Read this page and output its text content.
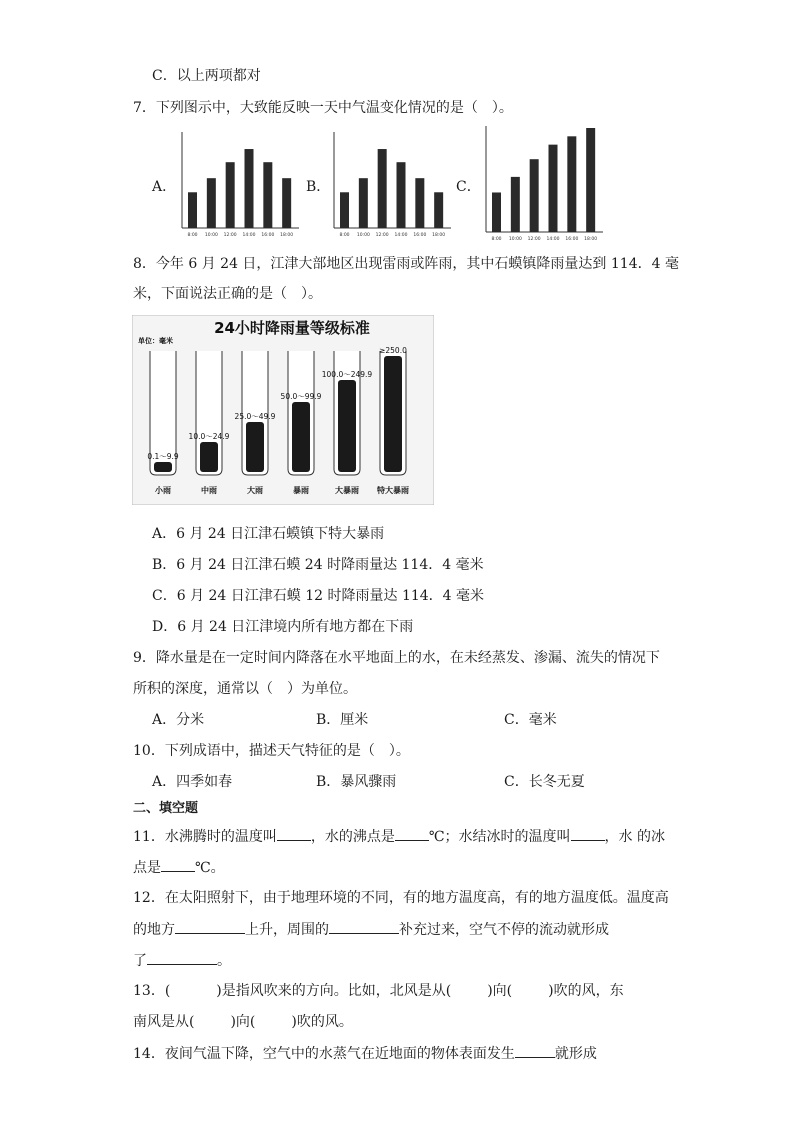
C．以上两项都对
7．下列图示中，大致能反映一天中气温变化情况的是（　）。
A．	B．	C．
8:00 10:00 12:00 14:00 16:00 18:00	8:00 10:00 12:00 14:00 16:00 18:00
8:00 10:00 12:00 14:00 16:00 18:00
8．今年 6 月 24 日，江津大部地区出现雷雨或阵雨，其中石蟆镇降雨量达到 114．4 毫
米，下面说法正确的是（　）。
24小时降雨量等级标准
单位：毫米
0.1～9.9
小雨
10.0～24.9
中雨
25.0～49.9
大雨
50.0～99.9
暴雨
100.0～249.9
大暴雨
≥250.0
特大暴雨
A．6 月 24 日江津石蟆镇下特大暴雨
B．6 月 24 日江津石蟆 24 时降雨量达 114．4 毫米
C．6 月 24 日江津石蟆 12 时降雨量达 114．4 毫米
D．6 月 24 日江津境内所有地方都在下雨
9．降水量是在一定时间内降落在水平地面上的水，在未经蒸发、渗漏、流失的情况下
所积的深度，通常以（　）为单位。
A．分米	B．厘米	C．毫米
10．下列成语中，描述天气特征的是（　）。
A．四季如春	B．暴风骤雨	C．长冬无夏
二、填空题
11．水沸腾时的温度叫 ，水的沸点是 ℃；水结冰时的温度叫 ，水 的冰
点是 ℃。
12．在太阳照射下，由于地理环境的不同，有的地方温度高，有的地方温度低。温度高
的地方	上升，周围的	补充过来，空气不停的流动就形成
了	。
13．(	)是指风吹来的方向。比如，北风是从(	)向(	)吹的风，东
南风是从(	)向(	)吹的风。
14．夜间气温下降，空气中的水蒸气在近地面的物体表面发生	就形成
